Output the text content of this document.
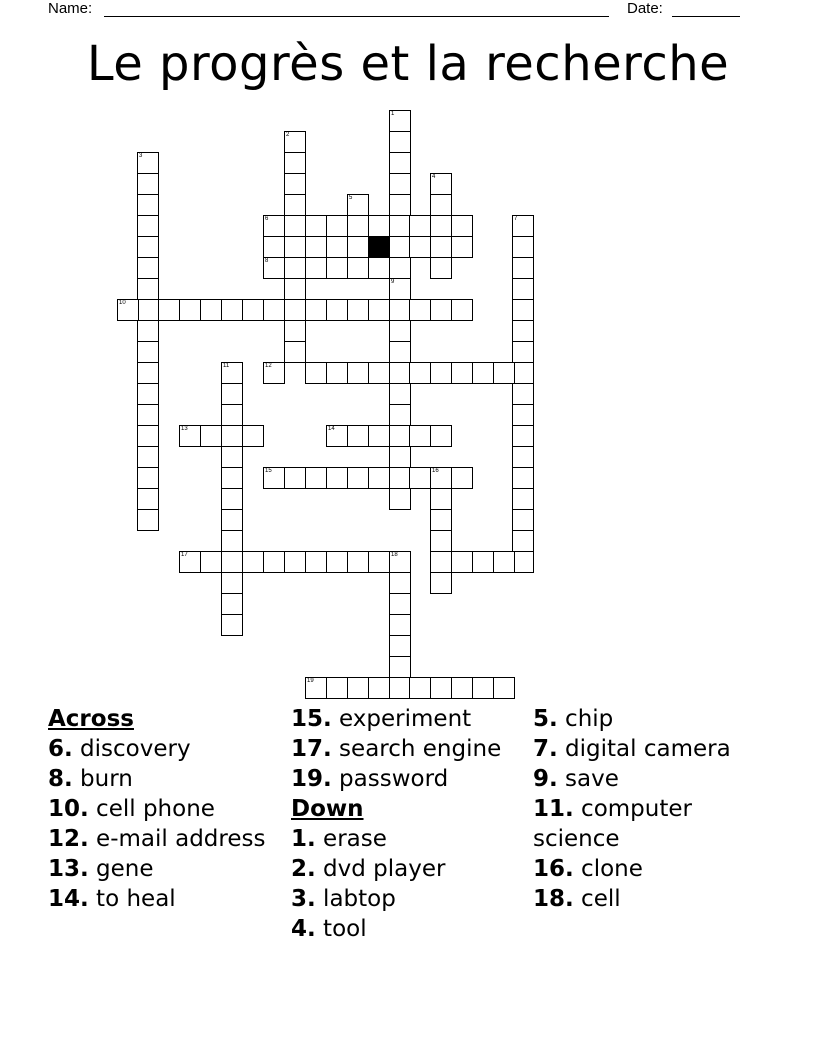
Name:	Date:
Le progrès et la recherche
1
2
3
4
5
6	7
8
9
10
11	12
13	14
15	16
17	18
19
Across
6. discovery
8. burn
10. cell phone
12. e-mail address
13. gene
14. to heal
15. experiment
17. search engine
19. password
Down
1. erase
2. dvd player
3. labtop
4. tool
5. chip
7. digital camera
9. save
11. computer science
16. clone
18. cell
